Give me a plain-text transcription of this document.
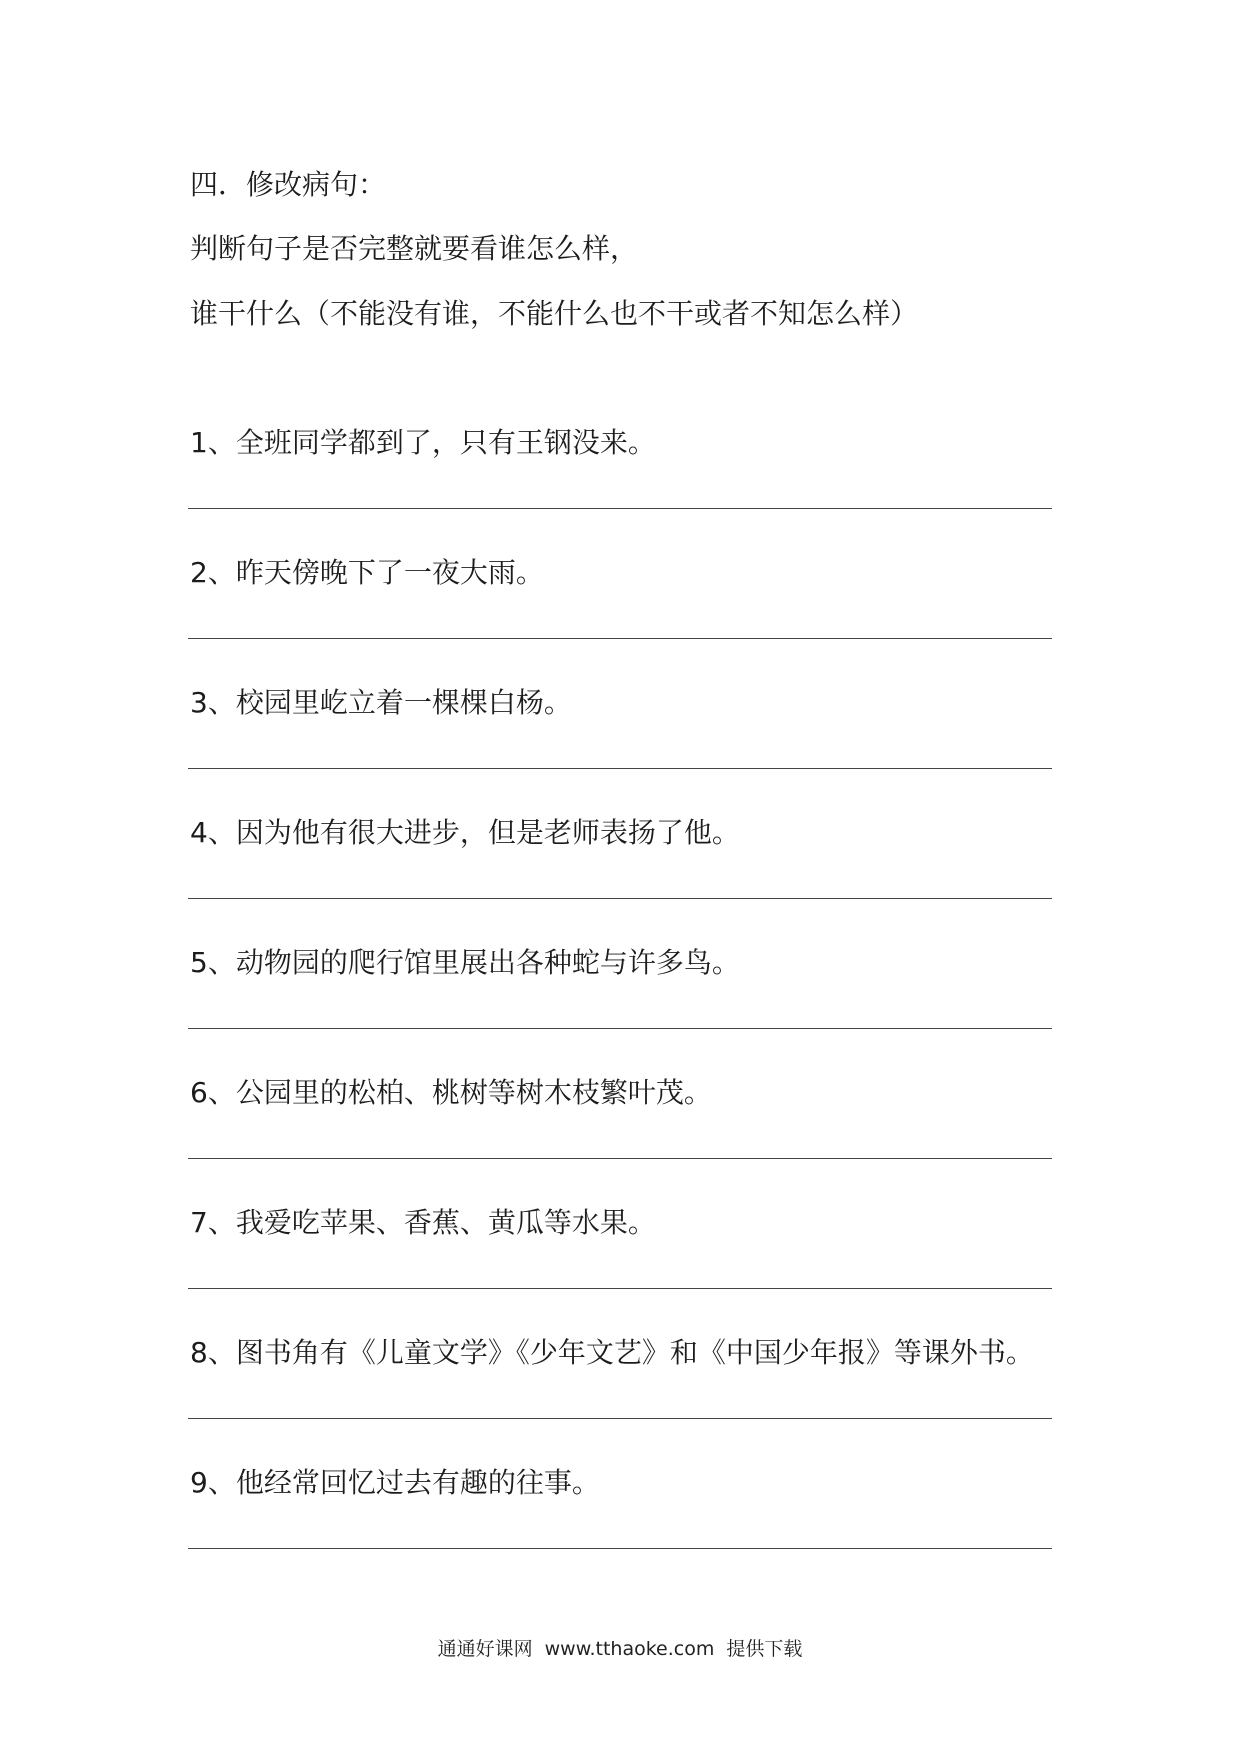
四．修改病句：
判断句子是否完整就要看谁怎么样，
谁干什么（不能没有谁，不能什么也不干或者不知怎么样）
1、全班同学都到了，只有王钢没来。
2、昨天傍晚下了一夜大雨。
3、校园里屹立着一棵棵白杨。
4、因为他有很大进步，但是老师表扬了他。
5、动物园的爬行馆里展出各种蛇与许多鸟。
6、公园里的松柏、桃树等树木枝繁叶茂。
7、我爱吃苹果、香蕉、黄瓜等水果。
8、图书角有《儿童文学》《少年文艺》和《中国少年报》等课外书。
9、他经常回忆过去有趣的往事。
通通好课网 www.tthaoke.com 提供下载
